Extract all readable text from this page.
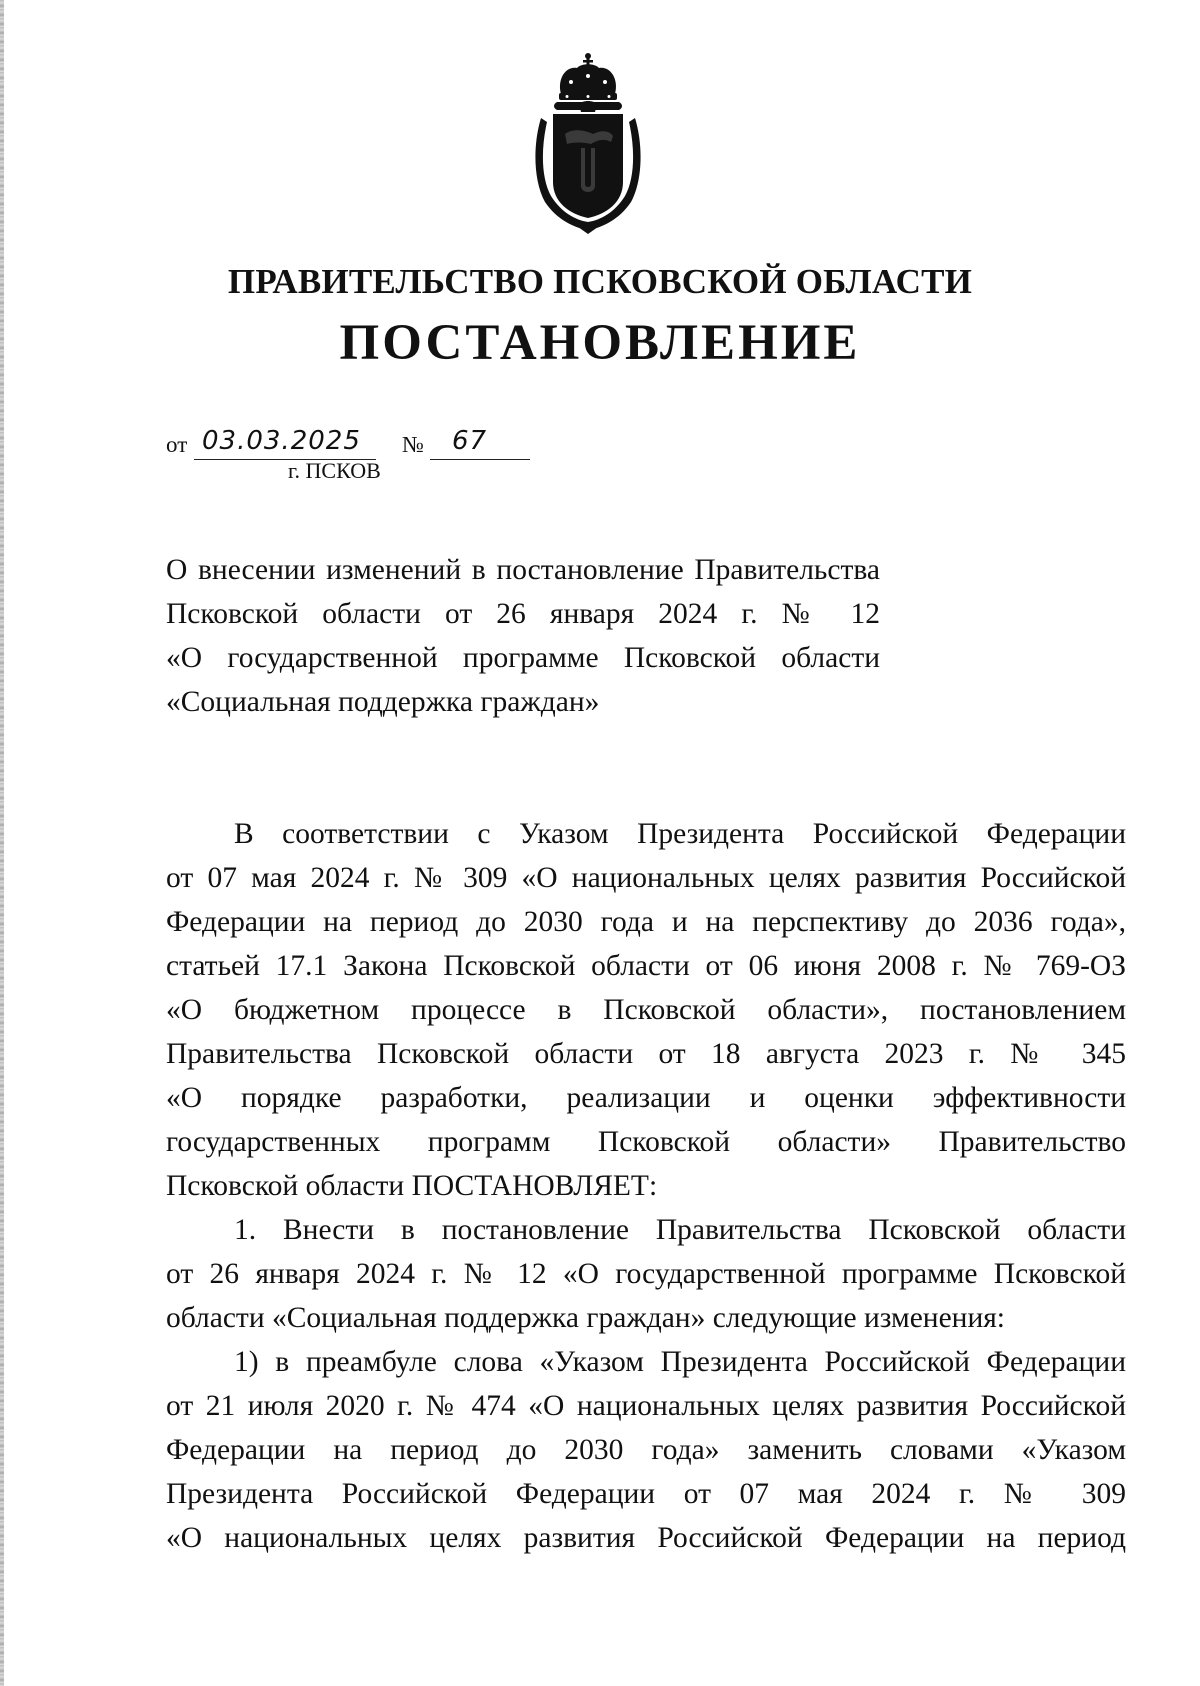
ПРАВИТЕЛЬСТВО ПСКОВСКОЙ ОБЛАСТИ
ПОСТАНОВЛЕНИЕ
от 03.03.2025 № 67
г. ПСКОВ
О внесении изменений в постановление Правительства
Псковской области от 26 января 2024 г. № 12
«О государственной программе Псковской области
«Социальная поддержка граждан»
В соответствии с Указом Президента Российской Федерации
от 07 мая 2024 г. № 309 «О национальных целях развития Российской
Федерации на период до 2030 года и на перспективу до 2036 года»,
статьей 17.1 Закона Псковской области от 06 июня 2008 г. № 769-ОЗ
«О бюджетном процессе в Псковской области», постановлением
Правительства Псковской области от 18 августа 2023 г. № 345
«О порядке разработки, реализации и оценки эффективности
государственных программ Псковской области» Правительство
Псковской области ПОСТАНОВЛЯЕТ:
1. Внести в постановление Правительства Псковской области
от 26 января 2024 г. № 12 «О государственной программе Псковской
области «Социальная поддержка граждан» следующие изменения:
1) в преамбуле слова «Указом Президента Российской Федерации
от 21 июля 2020 г. № 474 «О национальных целях развития Российской
Федерации на период до 2030 года» заменить словами «Указом
Президента Российской Федерации от 07 мая 2024 г. № 309
«О национальных целях развития Российской Федерации на период
